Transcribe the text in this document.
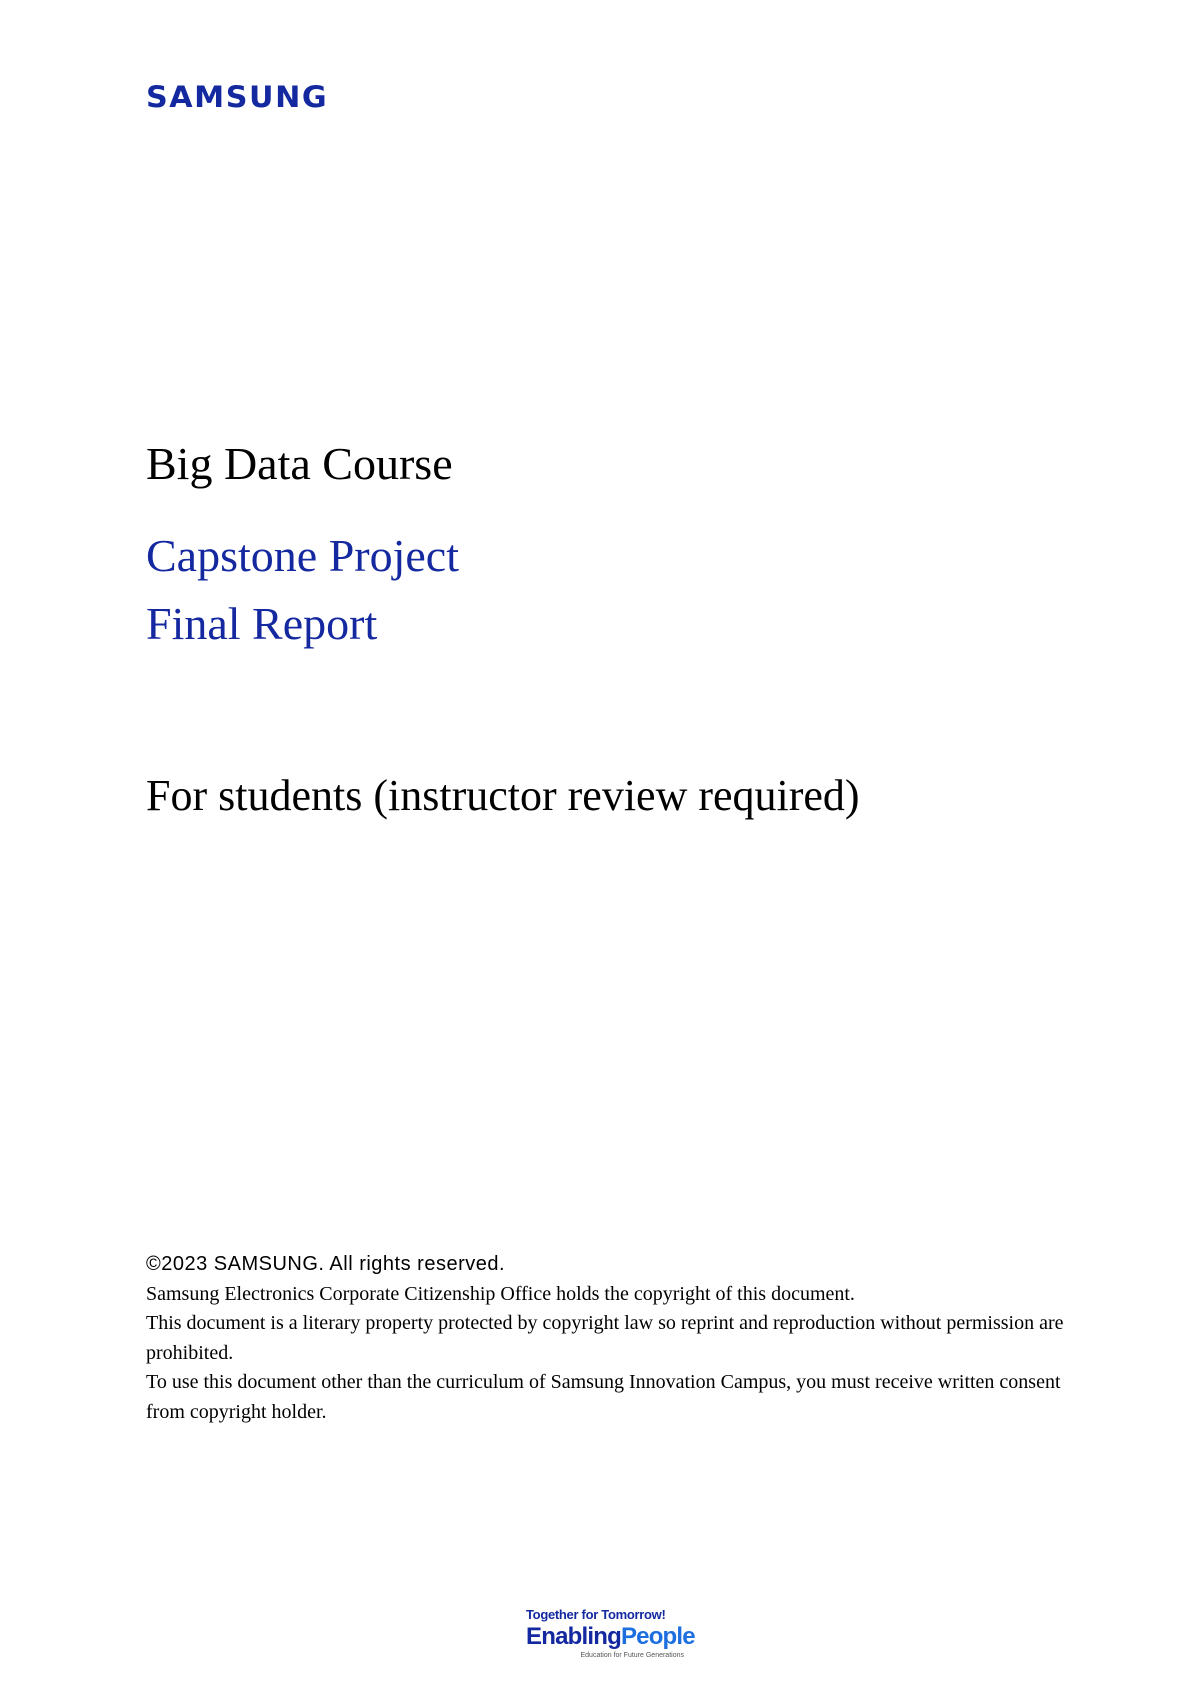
SAMSUNG
Big Data Course
Capstone Project
Final Report
For students (instructor review required)
©2023 SAMSUNG. All rights reserved.
Samsung Electronics Corporate Citizenship Office holds the copyright of this document.
This document is a literary property protected by copyright law so reprint and reproduction without permission are prohibited.
To use this document other than the curriculum of Samsung Innovation Campus, you must receive written consent from copyright holder.
Together for Tomorrow!
EnablingPeople
Education for Future Generations
